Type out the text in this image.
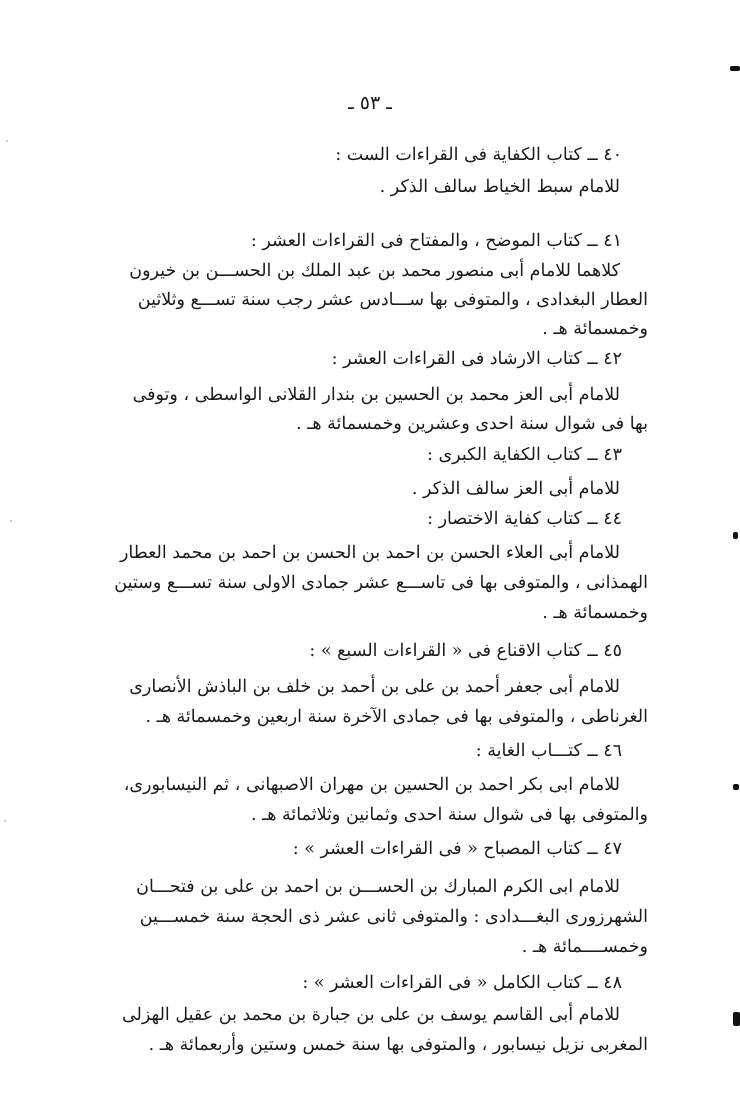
ـ ٥٣ ـ
٤٠ ــ كتاب الكفاية فى القراءات الست :
للامام سبط الخياط سالف الذكر .
٤١ ــ كتاب الموضح ، والمفتاح فى القراءات العشر :
كلاهما للامام أبى منصور محمد بن عبد الملك بن الحســـن بن خيرون
العطار البغدادى ، والمتوفى بها ســـادس عشر رجب سنة تســـع وثلاثين
وخمسمائة هـ .
٤٢ ــ كتاب الارشاد فى القراءات العشر :
للامام أبى العز محمد بن الحسين بن بندار القلانى الواسطى ، وتوفى
بها فى شوال سنة احدى وعشرين وخمسمائة هـ .
٤٣ ــ كتاب الكفاية الكبرى :
للامام أبى العز سالف الذكر .
٤٤ ــ كتاب كفاية الاختصار :
للامام أبى العلاء الحسن بن احمد بن الحسن بن احمد بن محمد العطار
الهمذانى ، والمتوفى بها فى تاســـع عشر جمادى الاولى سنة تســـع وستين
وخمسمائة هـ .
٤٥ ــ كتاب الاقناع فى « القراءات السبع » :
للامام أبى جعفر أحمد بن على بن أحمد بن خلف بن الباذش الأنصارى
الغرناطى ، والمتوفى بها فى جمادى الآخرة سنة اربعين وخمسمائة هـ .
٤٦ ــ كتـــاب الغاية :
للامام ابى بكر احمد بن الحسين بن مهران الاصبهانى ، ثم النيسابورى،
والمتوفى بها فى شوال سنة احدى وثمانين وثلاثمائة هـ .
٤٧ ــ كتاب المصباح « فى القراءات العشر » :
للامام ابى الكرم المبارك بن الحســـن بن احمد بن على بن فتحـــان
الشهرزورى البغـــدادى : والمتوفى ثانى عشر ذى الحجة سنة خمســـين
وخمســــمائة هـ .
٤٨ ــ كتاب الكامل « فى القراءات العشر » :
للامام أبى القاسم يوسف بن على بن جبارة بن محمد بن عقيل الهزلى
المغربى نزيل نيسابور ، والمتوفى بها سنة خمس وستين وأربعمائة هـ .
